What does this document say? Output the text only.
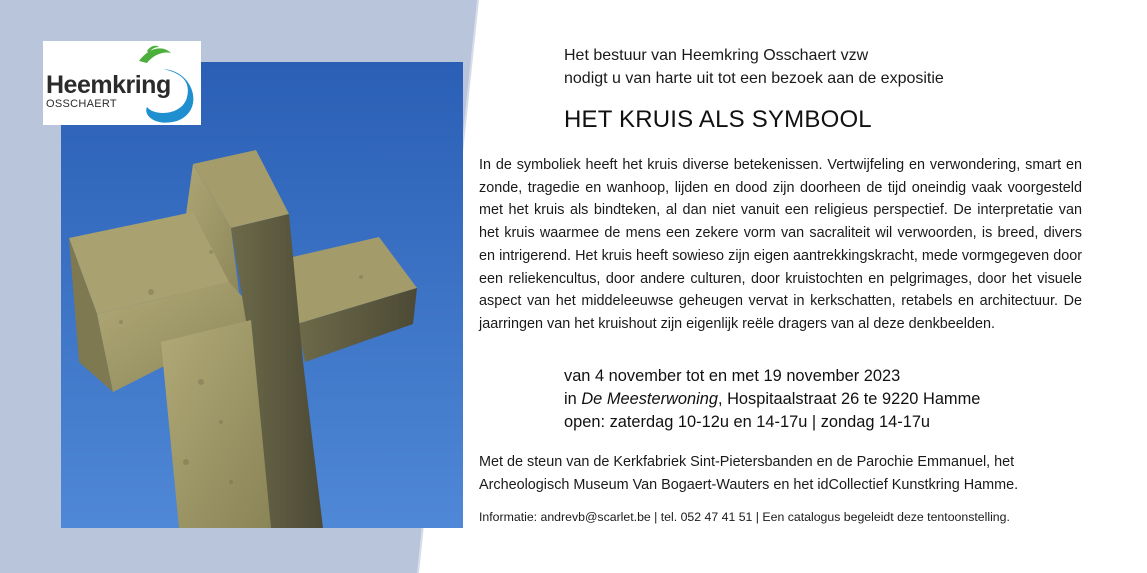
Heemkring
OSSCHAERT
Het bestuur van Heemkring Osschaert vzw
nodigt u van harte uit tot een bezoek aan de expositie
HET KRUIS ALS SYMBOOL
In de symboliek heeft het kruis diverse betekenissen. Vertwijfeling en verwondering, smart en zonde, tragedie en wanhoop, lijden en dood zijn doorheen de tijd oneindig vaak voorgesteld met het kruis als bindteken, al dan niet vanuit een religieus perspectief. De interpretatie van het kruis waarmee de mens een zekere vorm van sacraliteit wil verwoorden, is breed, divers en intrigerend. Het kruis heeft sowieso zijn eigen aantrekkingskracht, mede vormgegeven door een reliekencultus, door andere culturen, door kruistochten en pelgrimages, door het visuele aspect van het middeleeuwse geheugen vervat in kerkschatten, retabels en architectuur. De jaarringen van het kruishout zijn eigenlijk reële dragers van al deze denkbeelden.
van 4 november tot en met 19 november 2023
in De Meesterwoning, Hospitaalstraat 26 te 9220 Hamme
open: zaterdag 10-12u en 14-17u | zondag 14-17u
Met de steun van de Kerkfabriek Sint-Pietersbanden en de Parochie Emmanuel, het
Archeologisch Museum Van Bogaert-Wauters en het idCollectief Kunstkring Hamme.
Informatie: andrevb@scarlet.be | tel. 052 47 41 51 | Een catalogus begeleidt deze tentoonstelling.
